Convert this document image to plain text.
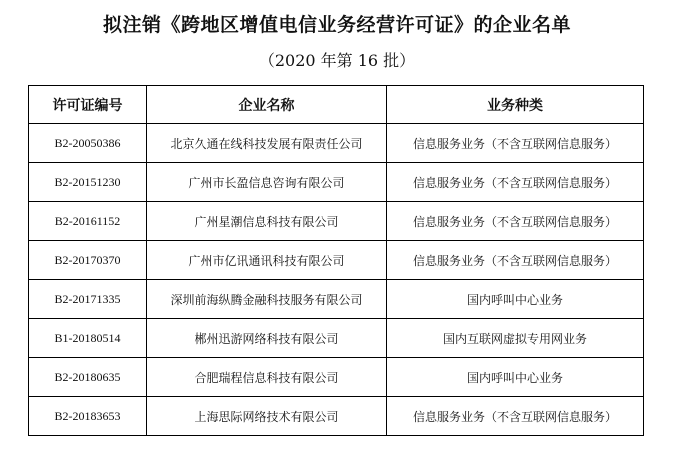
拟注销《跨地区增值电信业务经营许可证》的企业名单
（2020 年第 16 批）
许可证编号	企业名称	业务种类
B2-20050386	北京久通在线科技发展有限责任公司	信息服务业务（不含互联网信息服务）
B2-20151230	广州市长盈信息咨询有限公司	信息服务业务（不含互联网信息服务）
B2-20161152	广州星潮信息科技有限公司	信息服务业务（不含互联网信息服务）
B2-20170370	广州市亿讯通讯科技有限公司	信息服务业务（不含互联网信息服务）
B2-20171335	深圳前海纵腾金融科技服务有限公司	国内呼叫中心业务
B1-20180514	郴州迅游网络科技有限公司	国内互联网虚拟专用网业务
B2-20180635	合肥瑞程信息科技有限公司	国内呼叫中心业务
B2-20183653	上海思际网络技术有限公司	信息服务业务（不含互联网信息服务）
